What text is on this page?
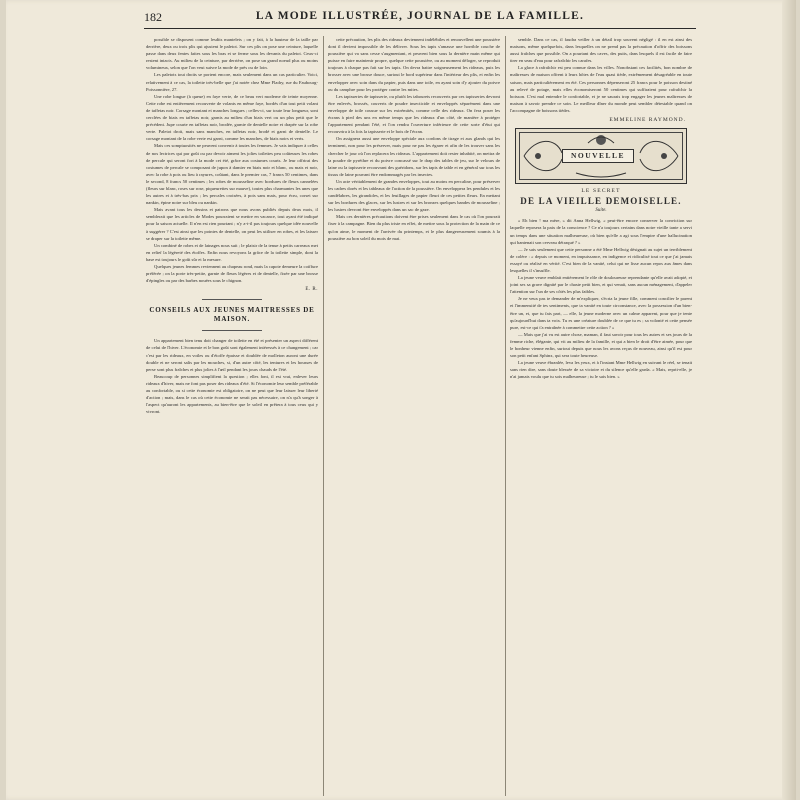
182	LA MODE ILLUSTRÉE, JOURNAL DE LA FAMILLE.

possible se disposent comme lesdits mantelets ; on y fait, à la hauteur de la taille par derrière, deux ou trois plis qui ajustent le paletot. Sur ces plis on pose une ceinture, laquelle passe dans deux fentes faites sous les bras et se ferme sous les devants du paletot. Ceux-ci restent intacts. Au milieu de la ceinture, par derrière, on pose un grand noeud plus ou moins volumineux, selon que l'on veut suivre la mode de près ou de loin.

Les paletots tout droits se portent encore, mais seulement dans un cas particulier. Voici, relativement à ce cas, la toilette très-belle que j'ai notée chez Mme Fladry, rue du Faubourg-Poissonnière, 27.

Une robe longue (à queue) en faye verte, de ce beau vert moderne de teinte moyenne. Cette robe est entièrement recouverte de volants en même faye, bordés d'un tout petit volant de taffetas noir. Corsage montant et manches longues ; celles-ci, sur toute leur longueur, sont cerclées de biais en taffetas noir, garnis au milieu d'un biais vert ou un plus petit que le précédent. Jupe courte en taffetas noir, brodée, garnie de dentelle noire et drapée sur la robe verte. Paletot droit, mais sans manches, en taffetas noir, brodé et garni de dentelle. Le corsage montant de la robe verte est garni, comme les manches, de biais noirs et verts.

Mais ces somptuosités ne peuvent convenir à toutes les femmes. Je vais indiquer à celles de nos lectrices qui par goût ou par devoir aiment les jolies toilettes peu coûteuses les robes de percale qui seront fort à la mode cet été, grâce aux costumes courts. Je leur offrirai des costumes de percale se composant de jupon à damier en biais noir et blanc, ou mais et noir, avec la robe à pois ou lieu à rayures, coûtant, dans le premier cas, 7 francs 50 centimes, dans le second, 8 francs 50 centimes ; les robes de mousseline avec bordures de fleurs cannelées (fleurs sur blanc, roses sur rose, piqueurettes sur mauve), toutes plus charmantes les unes que les autres et à très-bas prix ; les percales croisées, à pois sans mais, pour écru, corset sur nankin, épine noire sur bleu ou nankin.

Mais avant tous les dessins et patrons que nous avons publiés depuis deux mois, il semblerait que les articles de Modes pourraient se mettre en vacance, tout ayant été indiqué pour la saison actuelle. Il n'en est rien pourtant ; n'y a-t-il pas toujours quelque idée nouvelle à suggérer ? C'est ainsi que les pointes de dentelle, on peut les utiliser en robes, et les laisser se draper sur la toilette même.

Un combiné de robes et de lainages nous suit ; le plaisir de la tenue à petits carreaux met en relief la légèreté des étoffes. Enfin nous revoyons la grâce de la toilette simple, dont la base est toujours le goût sûr et la mesure.

Quelques jeunes femmes reviennent au chapeau rond, mais la capote demeure la coiffure préférée ; on la porte très-petite, garnie de fleurs légères et de dentelle, fixée par une brosse d'épingles ou par des barbes nouées sous le chignon.

E. R.
CONSEILS AUX JEUNES MAITRESSES DE MAISON.

Un appartement bien tenu doit changer de toilette en été et présenter un aspect différent de celui de l'hiver. L'économie et le bon goût sont également intéressés à ce changement ; car c'est par les rideaux, en voiles ou d'étoffe épaisse et doublée de molleton auront une durée double et ne seront salis par les mouches, si, d'un autre côté, les tentures et les housses de perse sont plus fraîches et plus jolies à l'œil pendant les jours chauds de l'été.

Beaucoup de personnes simplifient la question ; elles font, il est vrai, enlever leurs rideaux d'hiver, mais ne font pas poser des rideaux d'été. Si l'économie leur semble préférable au confortable, ou si cette économie est obligatoire, on ne peut que leur laisser leur liberté d'action ; mais, dans le cas où cette économie ne serait pas nécessaire, on n'a qu'à songer à l'aspect qu'auront les appartements, au bien-être que le soleil en prêtera à tous ceux qui y vivront.

cette précaution, les plis des rideaux deviennent indélébiles et renouvellent une poussière dont il devient impossible de les délivrer. Sous les tapis s'amasse une horrible couche de poussière qui va sans cesse s'augmentant, et peuvent bien sous la dernière main même qui puisse en faire maintenir propre, quelque cette poussière, ou au moment déloger, se reproduit toujours à chaque pas fait sur les tapis. On devra battre soigneusement les rideaux, puis les brosser avec une brosse douce, surtout le bord supérieur dans l'intérieur des plis, et enfin les envelopper avec soin dans du papier, puis dans une toile, en ayant soin d'y ajouter du poivre ou du camphre pour les protéger contre les mites.

Les tapisseries de tapisserie, ou plutôt les tabourets recouverts par ces tapisseries devront être enlevés, brossés, couverts de poudre insecticide et enveloppés séparément dans une enveloppe de toile cousue sur les extrémités, comme celle des rideaux. On fera poser les écrans à pied des uns en même temps que les rideaux d'un côté, de manière à protéger l'appartement pendant l'été, et l'on rendra l'ouverture inférieure de cette sorte d'étui qui recouvrira à la fois la tapisserie et le bois de l'écran.

On assignera aussi une enveloppe spéciale aux cordons de tirage et aux glands qui les terminent, non pour les préserver, mais pour ne pas les égarer et afin de les trouver sans les chercher le jour où l'on replacera les rideaux. L'appartement doit rester inhabité, on mettra de la poudre de pyrèthre et du poivre concassé sur le drap des tables de jeu, sur le velours de laine ou la tapisserie recouvrant des guéridons, sur les tapis de table et en général sur tous les tissus de laine pouvant être endommagés par les insectes.

Un acte véritablement de grandes enveloppes, tout au moins en percaline, pour préserver les cadres dorés et les tableaux de l'action de la poussière. On enveloppera les pendules et les candélabres, les girandoles, et les feuillages de papier fleuri de ces petites fleurs. En mettant sur les bordures des glaces, sur les lustres et sur les bronzes quelques bandes de mousseline ; les lustres devront être enveloppés dans un sac de gaze.

Mais ces dernières précautions doivent être prises seulement dans le cas où l'on pourrait fixer à la campagne. Bien du plus triste en effet, de mettre sous la protection de la main de ce qu'on aime, le moment de l'arrivée du printemps, et le plus dangereusement soumis à la poussière au bon soleil du mois de mai.

semble. Dans ce cas, il faudra veiller à un détail trop souvent négligé : il en est ainsi des maisons, même quelquefois, dans lesquelles on ne prend pas la précaution d'offrir des boissons aussi fraîches que possible. On a pourtant des caves, des puits, dans lesquels il est facile de faire tirer en seau d'eau pour rafraîchir les carafes.

La glace à rafraîchir est peu connue dans les villes. Nonobstant ces facilités, bon nombre de maîtresses de maison offrent à leurs hôtes de l'eau quasi tiède, extrêmement désagréable en toute saison, mais particulièrement en été. Ces personnes dépenseront 25 francs pour le poisson destiné au relevé de potage, mais elles économiseront 50 centimes qui suffiraient pour rafraîchir la boisson. C'est mal entendre le confortable, et je ne saurais trop engager les jeunes maîtresses de maison à savoir prendre ce soin. Le meilleur dîner du monde peut sembler détestable quand on l'accompagne de boissons tièdes.

EMMELINE RAYMOND.
NOUVELLE
LE SECRET
DE LA VIEILLE DEMOISELLE.
Suite.

« Eh bien ! ma mère, » dit Anna Hellwig, « peut-être encore conserver la conviction sur laquelle reposera la paix de la conscience ? Ce n'a toujours certains dans notre vieille tante a servi un temps dans une situation malheureuse, où bien qu'elle a agi sous l'empire d'une hallucination qui bantenait son cerveau détraqué ? »

— Je sais seulement que cette personne a été Mme Hellwig désignait au sujet un terriblement de colère : « depuis ce moment, en impuissance, en indigence et ridiculisé tout ce que j'ai jamais essayé ou réalisé en vérité. C'est bien de la vanité, celui qui ne lisse aucun repos aux âmes dans lesquelles il s'insuffle.

La jeune veuve emblait entièrement le rôle de douloureuse reprendante qu'elle avait adopté, et joint ses sa grave dignité par le chaste petit bien, et qui venait, sans aucun ménagement, d'appeler l'attention sur l'un de ses côtés les plus faibles.

Je ne veux pas te demander de m'expliquer, s'écria la jeune fille, comment concilier le parent et l'immensité de tes sentiments, que ta vanité en toute circonstance, avec la possession d'un bien-être un, et, que tu fais part, — elle, la jeune moderne avec un calme apparent, pour que je tente qu'aujourd'hui dans ta voix. Tu es une créature doublée de ce que tu es ; sa volonté et cette pensée pure, est-ce qui t'a entraînée à commettre cette action ? »

— Mais que j'ai vu est autre chose, maman, il faut savoir pour tous les autres et ses jours de la femme riche, élégante, qui vit au milieu de la famille, et qui a bien le droit d'être aimée, pour que le bonheur vienne enfin, surtout depuis que nous les avons reçus de nouveau, ainsi qu'il est pour son petit enfant Sphinx, qui sera toute heureuse.

La jeune veuve ébranlée, leva les yeux, et à l'instant Mme Hellwig en suivant le réel, se tenait sans rien dire, sans doute blessée de sa victoire et du silence qu'elle garda. « Mais, reprit-elle, je n'ai jamais voulu que tu sois malheureuse ; tu le sais bien. »
